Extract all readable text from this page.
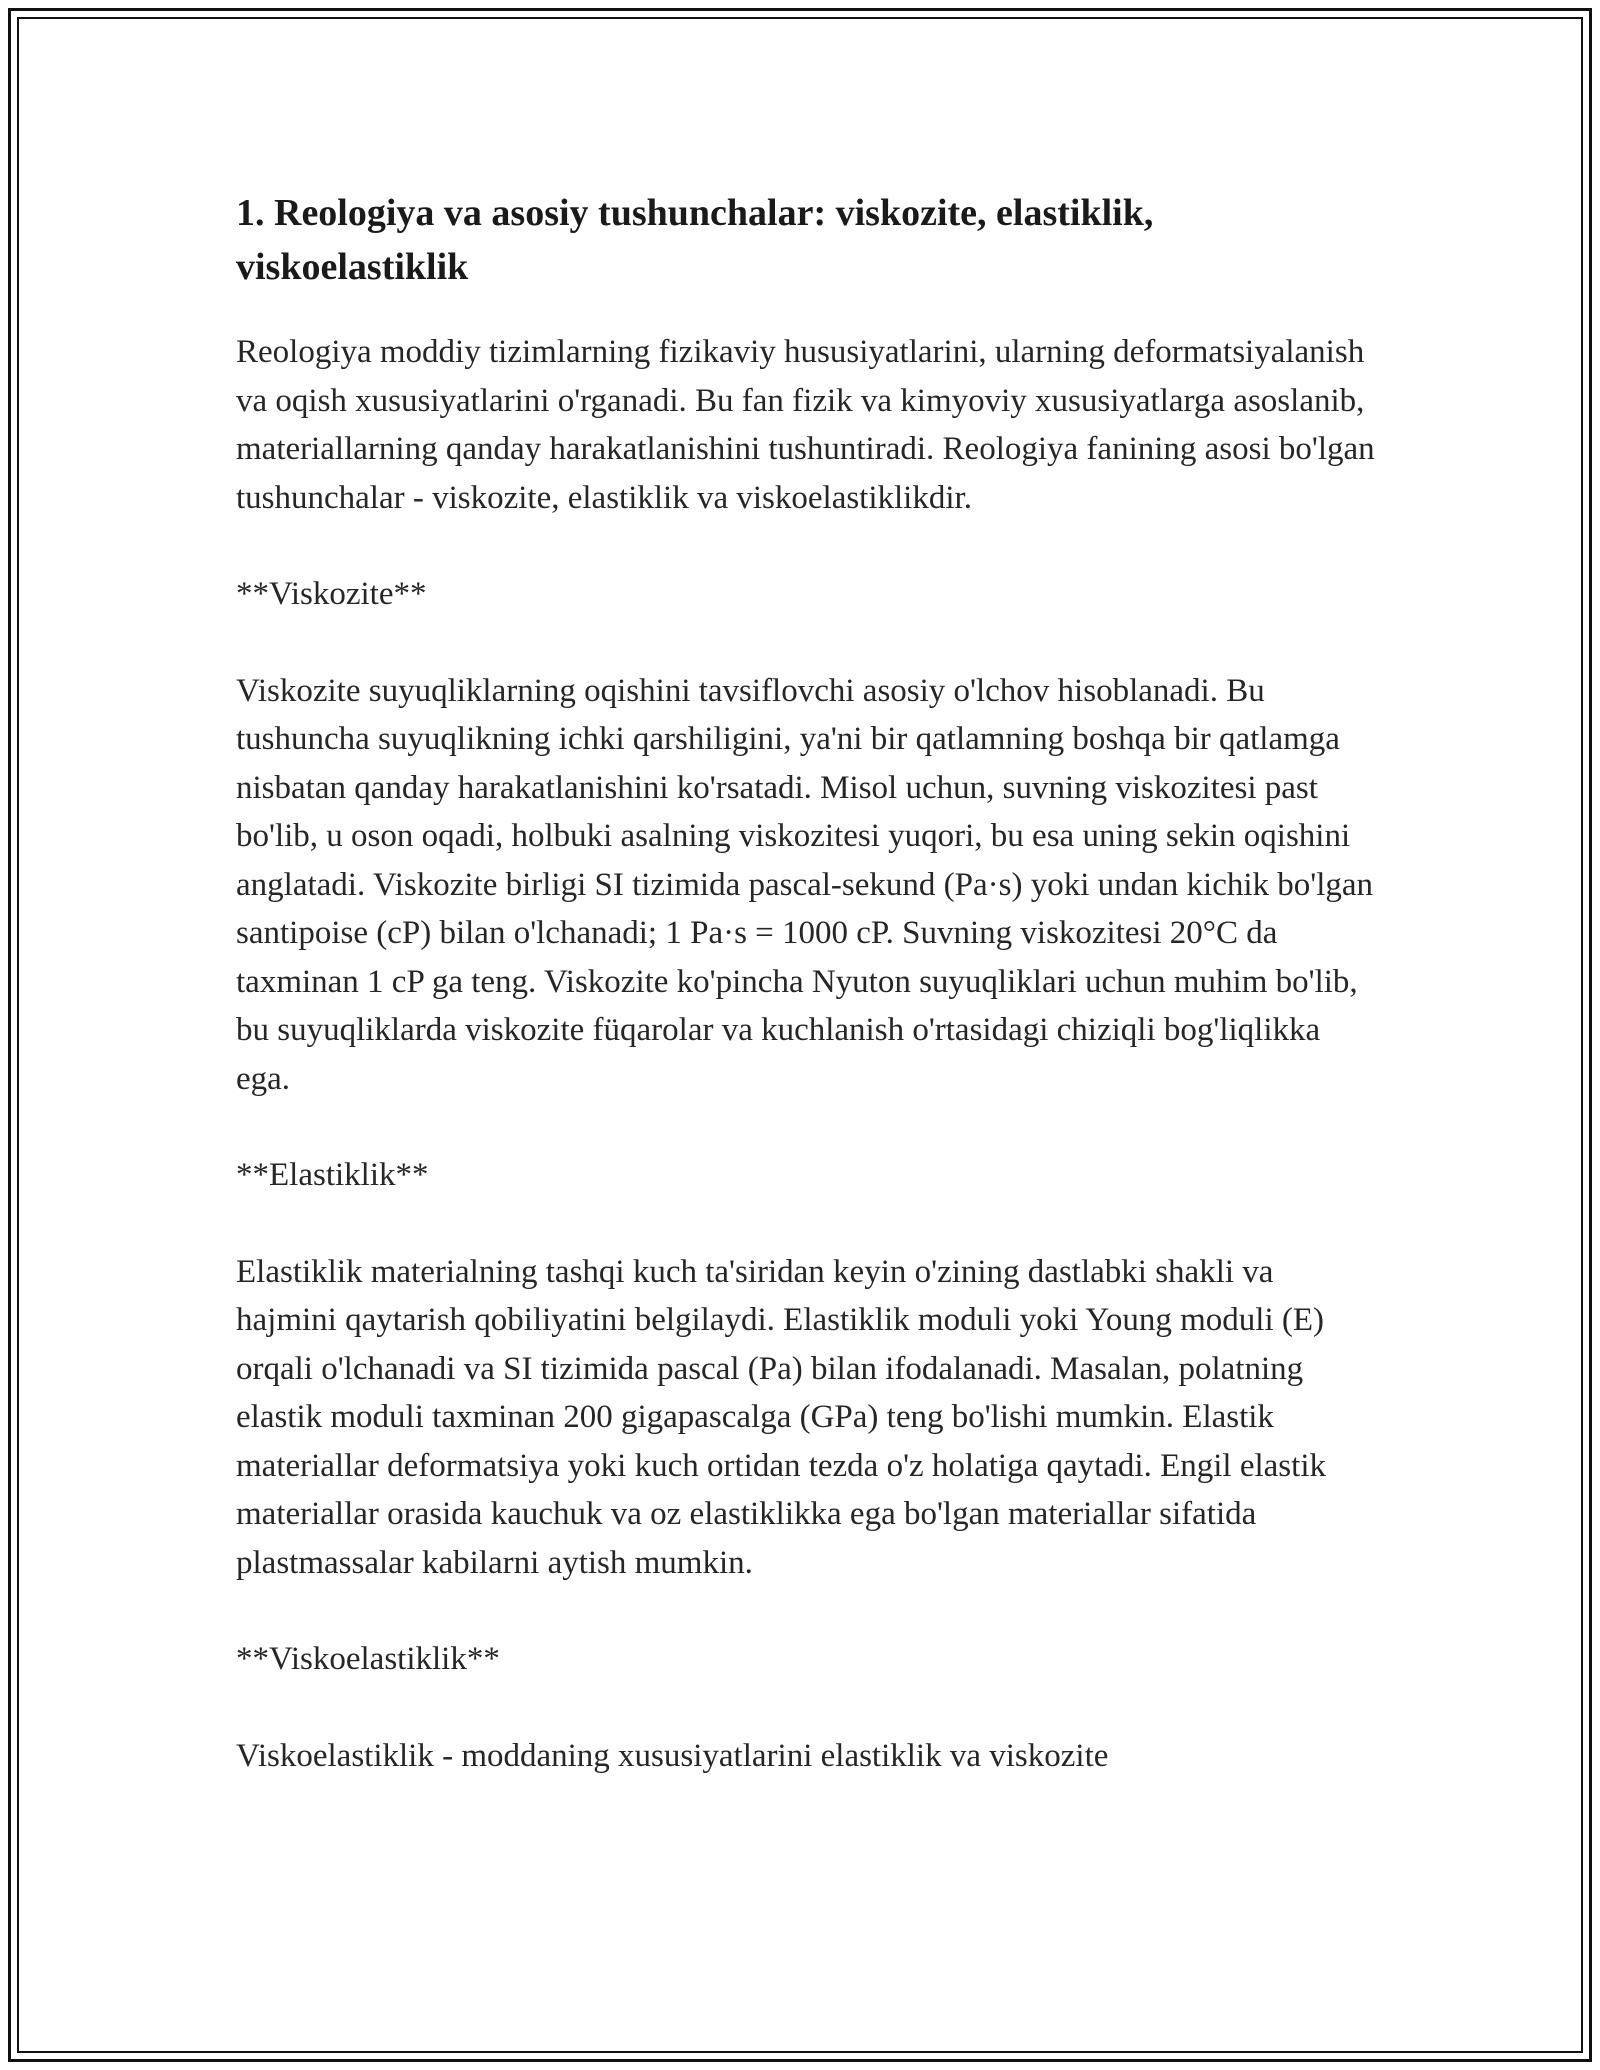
1. Reologiya va asosiy tushunchalar: viskozite, elastiklik, viskoelastiklik

Reologiya moddiy tizimlarning fizikaviy hususiyatlarini, ularning deformatsiyalanish va oqish xususiyatlarini o'rganadi. Bu fan fizik va kimyoviy xususiyatlarga asoslanib, materiallarning qanday harakatlanishini tushuntiradi. Reologiya fanining asosi bo'lgan tushunchalar - viskozite, elastiklik va viskoelastiklikdir.

**Viskozite**

Viskozite suyuqliklarning oqishini tavsiflovchi asosiy o'lchov hisoblanadi. Bu tushuncha suyuqlikning ichki qarshiligini, ya'ni bir qatlamning boshqa bir qatlamga nisbatan qanday harakatlanishini ko'rsatadi. Misol uchun, suvning viskozitesi past bo'lib, u oson oqadi, holbuki asalning viskozitesi yuqori, bu esa uning sekin oqishini anglatadi. Viskozite birligi SI tizimida pascal-sekund (Pa·s) yoki undan kichik bo'lgan santipoise (cP) bilan o'lchanadi; 1 Pa·s = 1000 cP. Suvning viskozitesi 20°C da taxminan 1 cP ga teng. Viskozite ko'pincha Nyuton suyuqliklari uchun muhim bo'lib, bu suyuqliklarda viskozite füqarolar va kuchlanish o'rtasidagi chiziqli bog'liqlikka ega.

**Elastiklik**

Elastiklik materialning tashqi kuch ta'siridan keyin o'zining dastlabki shakli va hajmini qaytarish qobiliyatini belgilaydi. Elastiklik moduli yoki Young moduli (E) orqali o'lchanadi va SI tizimida pascal (Pa) bilan ifodalanadi. Masalan, polatning elastik moduli taxminan 200 gigapascalga (GPa) teng bo'lishi mumkin. Elastik materiallar deformatsiya yoki kuch ortidan tezda o'z holatiga qaytadi. Engil elastik materiallar orasida kauchuk va oz elastiklikka ega bo'lgan materiallar sifatida plastmassalar kabilarni aytish mumkin.

**Viskoelastiklik**

Viskoelastiklik - moddaning xususiyatlarini elastiklik va viskozite
